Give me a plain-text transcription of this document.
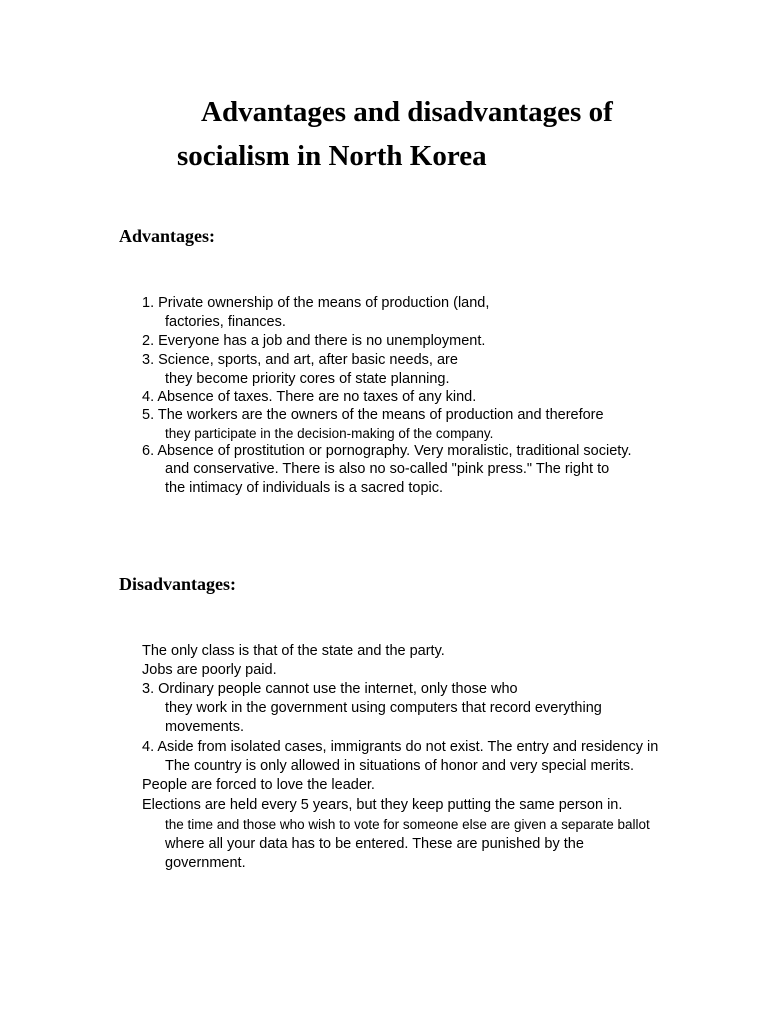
Advantages and disadvantages of
socialism in North Korea
Advantages:

1. Private ownership of the means of production (land,

factories, finances.

2. Everyone has a job and there is no unemployment.

3. Science, sports, and art, after basic needs, are

they become priority cores of state planning.

4. Absence of taxes. There are no taxes of any kind.

5. The workers are the owners of the means of production and therefore

they participate in the decision-making of the company.

6. Absence of prostitution or pornography. Very moralistic, traditional society.

and conservative. There is also no so-called "pink press." The right to

the intimacy of individuals is a sacred topic.

Disadvantages:

The only class is that of the state and the party.

Jobs are poorly paid.

3. Ordinary people cannot use the internet, only those who

they work in the government using computers that record everything

movements.

4. Aside from isolated cases, immigrants do not exist. The entry and residency in

The country is only allowed in situations of honor and very special merits.

People are forced to love the leader.

Elections are held every 5 years, but they keep putting the same person in.

the time and those who wish to vote for someone else are given a separate ballot

where all your data has to be entered. These are punished by the

government.
